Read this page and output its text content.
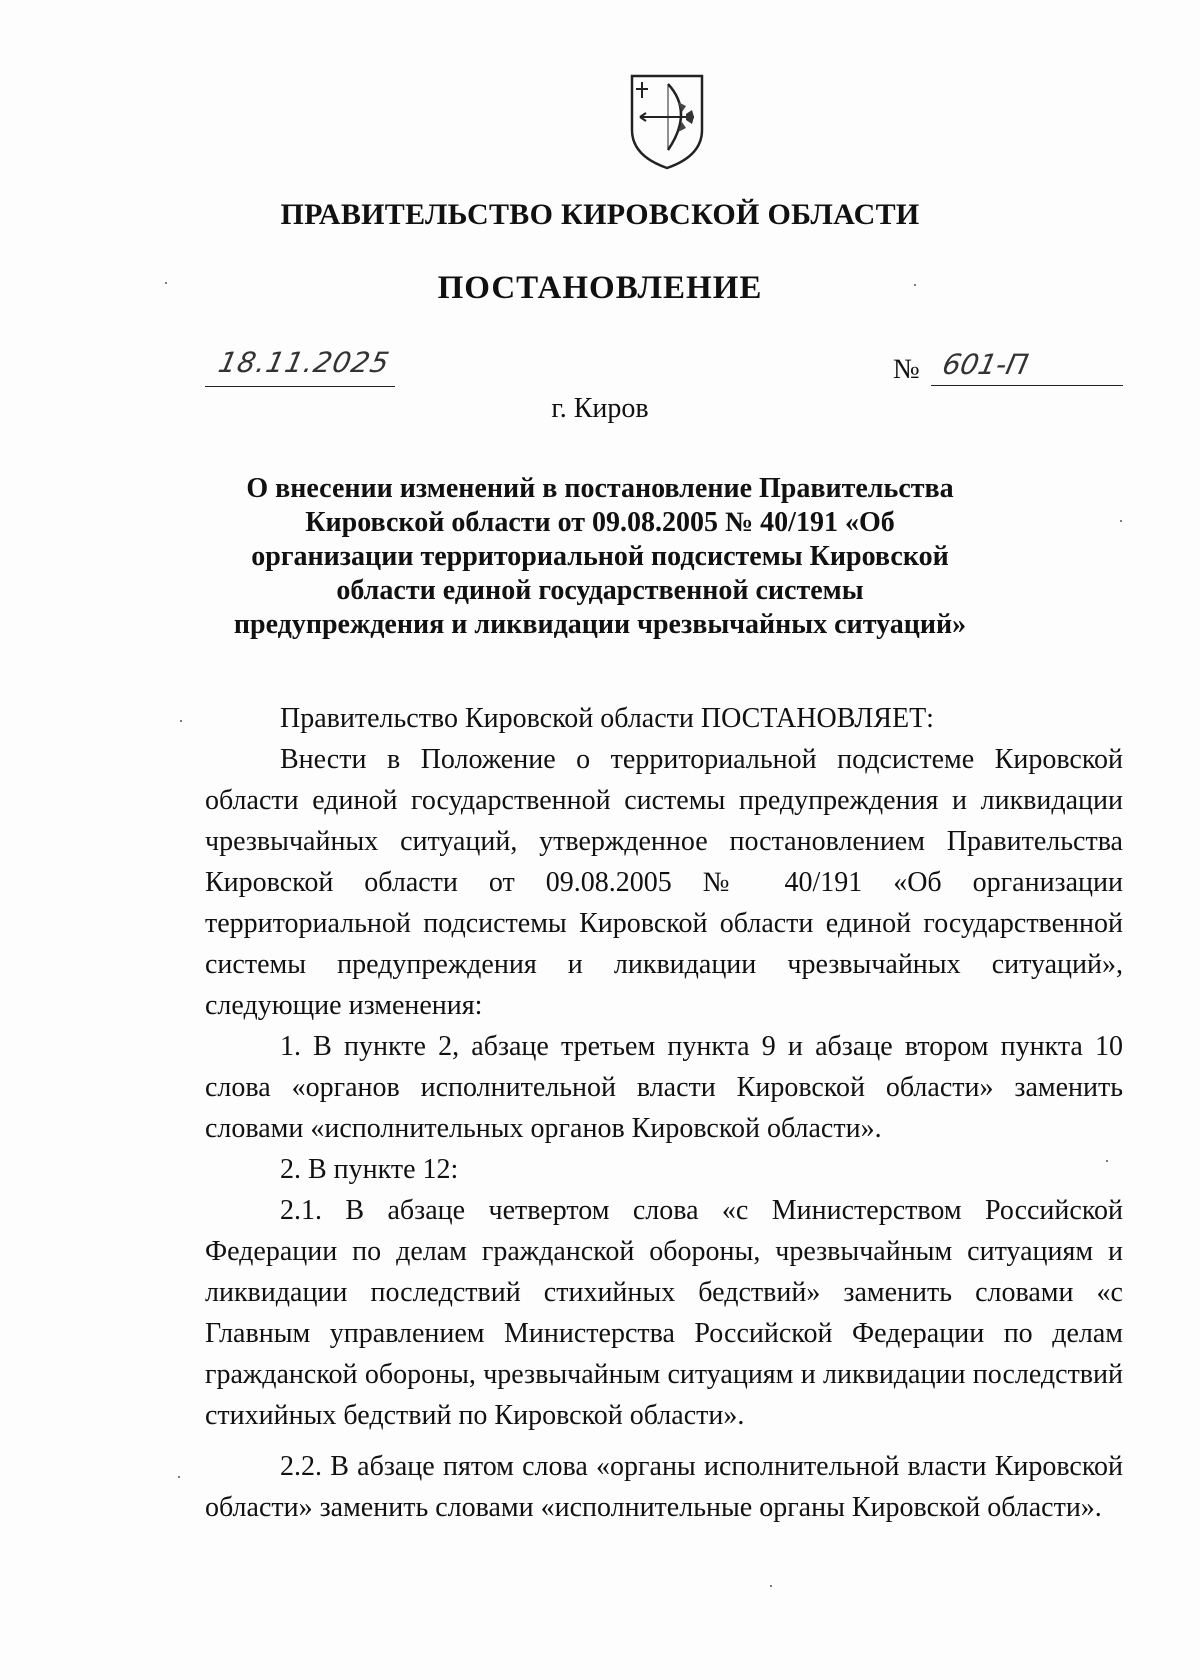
ПРАВИТЕЛЬСТВО КИРОВСКОЙ ОБЛАСТИ
ПОСТАНОВЛЕНИЕ
18.11.2025	№ 601-П
г. Киров
О внесении изменений в постановление Правительства Кировской области от 09.08.2005 № 40/191 «Об организации территориальной подсистемы Кировской области единой государственной системы предупреждения и ликвидации чрезвычайных ситуаций»

Правительство Кировской области ПОСТАНОВЛЯЕТ:

Внести в Положение о территориальной подсистеме Кировской области единой государственной системы предупреждения и ликвидации чрезвычайных ситуаций, утвержденное постановлением Правительства Кировской области от 09.08.2005 № 40/191 «Об организации территориальной подсистемы Кировской области единой государственной системы предупреждения и ликвидации чрезвычайных ситуаций», следующие изменения:

1. В пункте 2, абзаце третьем пункта 9 и абзаце втором пункта 10 слова «органов исполнительной власти Кировской области» заменить словами «исполнительных органов Кировской области».

2. В пункте 12:

2.1. В абзаце четвертом слова «с Министерством Российской Федерации по делам гражданской обороны, чрезвычайным ситуациям и ликвидации последствий стихийных бедствий» заменить словами «с Главным управлением Министерства Российской Федерации по делам гражданской обороны, чрезвычайным ситуациям и ликвидации последствий стихийных бедствий по Кировской области».

2.2. В абзаце пятом слова «органы исполнительной власти Кировской области» заменить словами «исполнительные органы Кировской области».
